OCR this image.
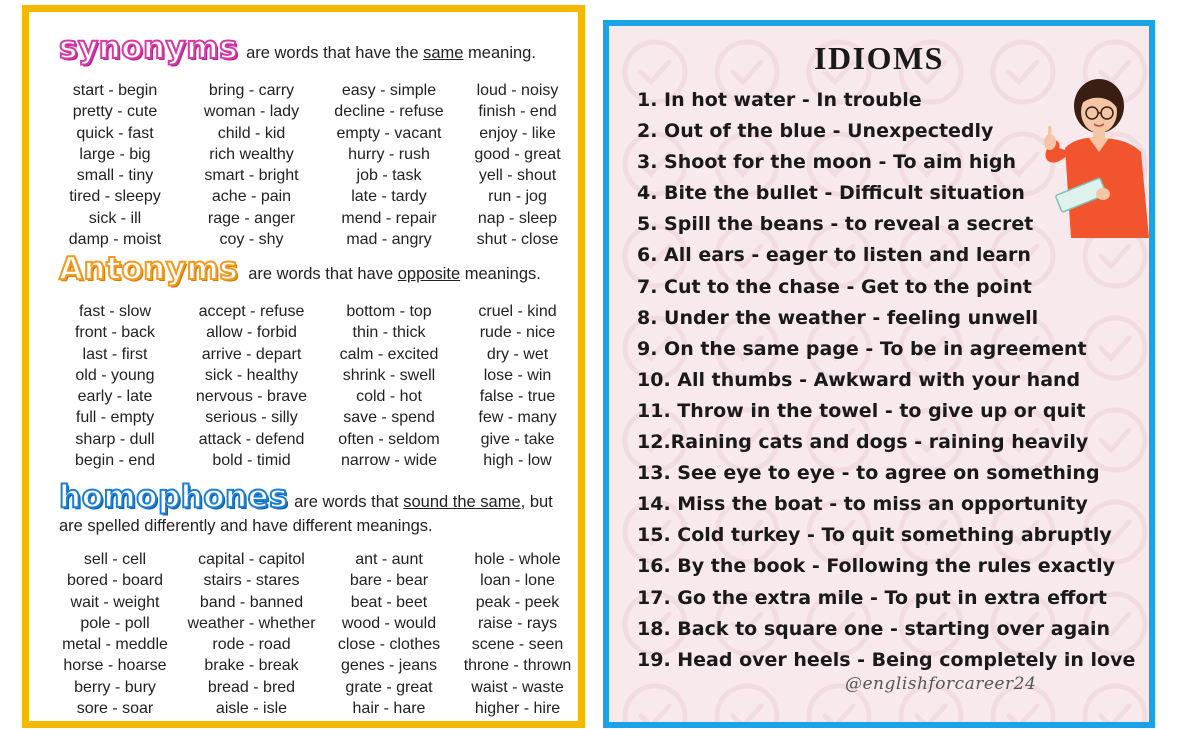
synonyms are words that have the same meaning.
start - begin	bring - carry	easy - simple	loud - noisy
pretty - cute	woman - lady	decline - refuse	finish - end
quick - fast	child - kid	empty - vacant	enjoy - like
large - big	rich wealthy	hurry - rush	good - great
small - tiny	smart - bright	job - task	yell - shout
tired - sleepy	ache - pain	late - tardy	run - jog
sick - ill	rage - anger	mend - repair	nap - sleep
damp - moist	coy - shy	mad - angry	shut - close
Antonyms are words that have opposite meanings.
fast - slow	accept - refuse	bottom - top	cruel - kind
front - back	allow - forbid	thin - thick	rude - nice
last - first	arrive - depart	calm - excited	dry - wet
old - young	sick - healthy	shrink - swell	lose - win
early - late	nervous - brave	cold - hot	false - true
full - empty	serious - silly	save - spend	few - many
sharp - dull	attack - defend	often - seldom	give - take
begin - end	bold - timid	narrow - wide	high - low
homophones are words that sound the same, but
are spelled differently and have different meanings.
sell - cell	capital - capitol	ant - aunt	hole - whole
bored - board	stairs - stares	bare - bear	loan - lone
wait - weight	band - banned	beat - beet	peak - peek
pole - poll	weather - whether	wood - would	raise - rays
metal - meddle	rode - road	close - clothes	scene - seen
horse - hoarse	brake - break	genes - jeans	throne - thrown
berry - bury	bread - bred	grate - great	waist - waste
sore - soar	aisle - isle	hair - hare	higher - hire
IDIOMS
1. In hot water - In trouble
2. Out of the blue - Unexpectedly
3. Shoot for the moon - To aim high
4. Bite the bullet - Difficult situation
5. Spill the beans - to reveal a secret
6. All ears - eager to listen and learn
7. Cut to the chase - Get to the point
8. Under the weather - feeling unwell
9. On the same page - To be in agreement
10. All thumbs - Awkward with your hand
11. Throw in the towel - to give up or quit
12.Raining cats and dogs - raining heavily
13. See eye to eye - to agree on something
14. Miss the boat - to miss an opportunity
15. Cold turkey - To quit something abruptly
16. By the book - Following the rules exactly
17. Go the extra mile - To put in extra effort
18. Back to square one - starting over again
19. Head over heels - Being completely in love
@englishforcareer24
